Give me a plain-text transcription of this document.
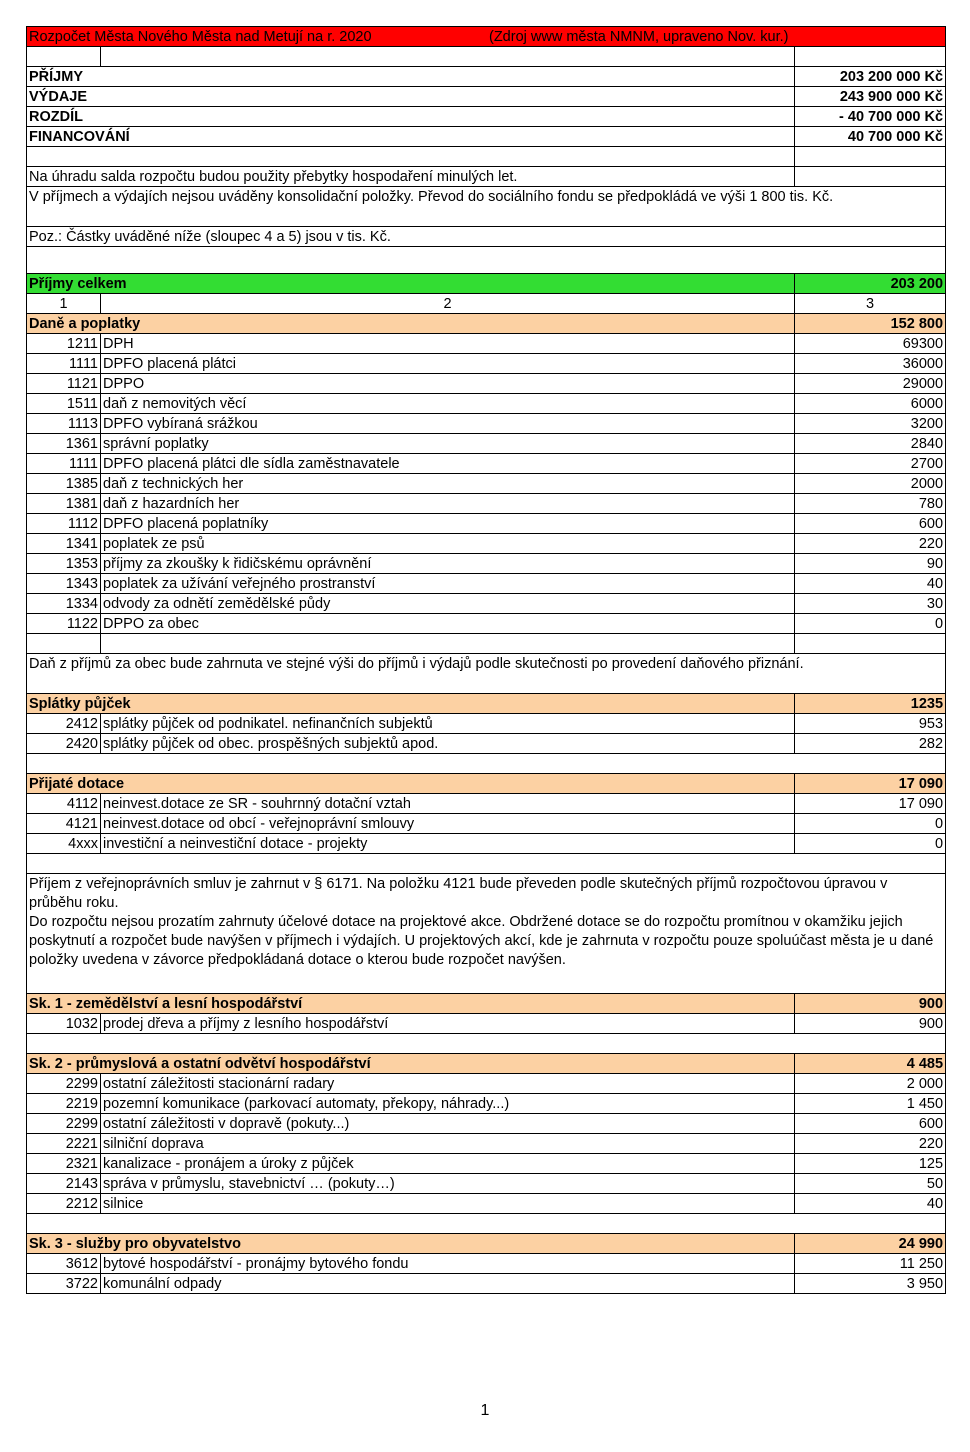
Rozpočet Města Nového Města nad Metují na r. 2020 (Zdroj www města NMNM, upraveno Nov. kur.)		

PŘÍJMY		203 200 000 Kč
VÝDAJE		243 900 000 Kč
ROZDÍL		- 40 700 000 Kč
FINANCOVÁNÍ		40 700 000 Kč

Na úhradu salda rozpočtu budou použity přebytky hospodaření minulých let.		
V příjmech a výdajích nejsou uváděny konsolidační položky. Převod do sociálního fondu se předpokládá ve výši 1 800 tis. Kč.		
Poz.: Částky uváděné níže (sloupec 4 a 5) jsou v tis. Kč.		

Příjmy celkem		203 200
1	2	3
Daně a poplatky		152 800
1211	DPH	69300
1111	DPFO placená plátci	36000
1121	DPPO	29000
1511	daň z nemovitých věcí	6000
1113	DPFO vybíraná srážkou	3200
1361	správní poplatky	2840
1111	DPFO placená plátci dle sídla zaměstnavatele	2700
1385	daň z technických her	2000
1381	daň z hazardních her	780
1112	DPFO placená poplatníky	600
1341	poplatek ze psů	220
1353	příjmy za zkoušky k řidičskému oprávnění	90
1343	poplatek za užívání veřejného prostranství	40
1334	odvody za odnětí zemědělské půdy	30
1122	DPPO za obec	0

Daň z příjmů za obec bude zahrnuta ve stejné výši do příjmů i výdajů podle skutečnosti po provedení daňového přiznání.		
Splátky půjček		1235
2412	splátky půjček od podnikatel. nefinančních subjektů	953
2420	splátky půjček od obec. prospěšných subjektů apod.	282

Přijaté dotace		17 090
4112	neinvest.dotace ze SR - souhrnný dotační vztah	17 090
4121	neinvest.dotace od obcí - veřejnoprávní smlouvy	0
4xxx	investiční a neinvestiční dotace - projekty	0

Příjem z veřejnoprávních smluv je zahrnut v § 6171. Na položku 4121 bude převeden podle skutečných příjmů rozpočtovou úpravou v průběhu roku.
Do rozpočtu nejsou prozatím zahrnuty účelové dotace na projektové akce. Obdržené dotace se do rozpočtu promítnou v okamžiku jejich poskytnutí a rozpočet bude navýšen v příjmech i výdajích. U projektových akcí, kde je zahrnuta v rozpočtu pouze spoluúčast města je u dané položky uvedena v závorce předpokládaná dotace o kterou bude rozpočet navýšen.		

Sk. 1 - zemědělství a lesní hospodářství		900
1032	prodej dřeva a příjmy z lesního hospodářství	900

Sk. 2 - průmyslová a ostatní odvětví hospodářství		4 485
2299	ostatní záležitosti stacionární radary	2 000
2219	pozemní komunikace (parkovací automaty, překopy, náhrady...)	1 450
2299	ostatní záležitosti v dopravě (pokuty...)	600
2221	silniční doprava	220
2321	kanalizace - pronájem a úroky z půjček	125
2143	správa v průmyslu, stavebnictví … (pokuty…)	50
2212	silnice	40

Sk. 3 - služby pro obyvatelstvo		24 990
3612	bytové hospodářství - pronájmy bytového fondu	11 250
3722	komunální odpady	3 950
1
